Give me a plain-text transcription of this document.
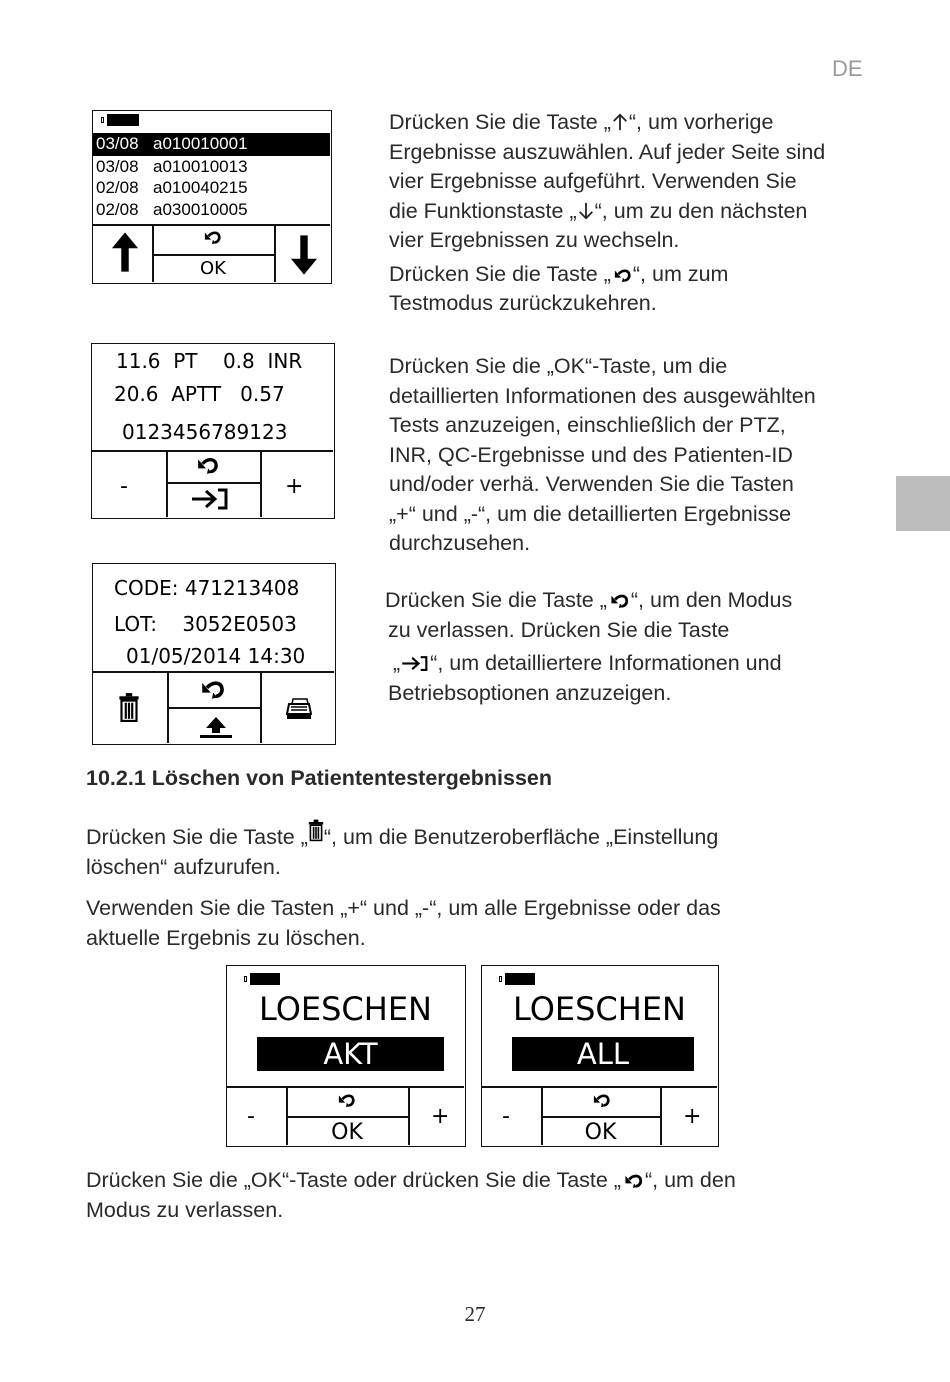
DE
03/08 a010010001
03/08 a010010013
02/08 a010040215
02/08 a030010005
OK

Drücken Sie die Taste „ “, um vorherige

Ergebnisse auszuwählen. Auf jeder Seite sind

vier Ergebnisse aufgeführt. Verwenden Sie

die Funktionstaste „ “, um zu den nächsten

vier Ergebnissen zu wechseln.

Drücken Sie die Taste „ “, um zum

Testmodus zurückzukehren.

11.6  PT    0.8  INR
20.6  APTT   0.57
0123456789123
-	+

Drücken Sie die „OK“-Taste, um die

detaillierten Informationen des ausgewählten

Tests anzuzeigen, einschließlich der PTZ,

INR, QC-Ergebnisse und des Patienten-ID

und/oder verhä. Verwenden Sie die Tasten

„+“ und „-“, um die detaillierten Ergebnisse

durchzusehen.

CODE: 471213408
LOT:    3052E0503
01/05/2014 14:30

Drücken Sie die Taste „ “, um den Modus

zu verlassen. Drücken Sie die Taste

„ “, um detailliertere Informationen und

Betriebsoptionen anzuzeigen.

10.2.1 Löschen von Patiententestergebnissen

Drücken Sie die Taste „ “, um die Benutzeroberfläche „Einstellung

löschen“ aufzurufen.

Verwenden Sie die Tasten „+“ und „-“, um alle Ergebnisse oder das

aktuelle Ergebnis zu löschen.

LOESCHEN
AKT
-	+
OK
LOESCHEN
ALL
-	+
OK

Drücken Sie die „OK“-Taste oder drücken Sie die Taste „ “, um den

Modus zu verlassen.

27
